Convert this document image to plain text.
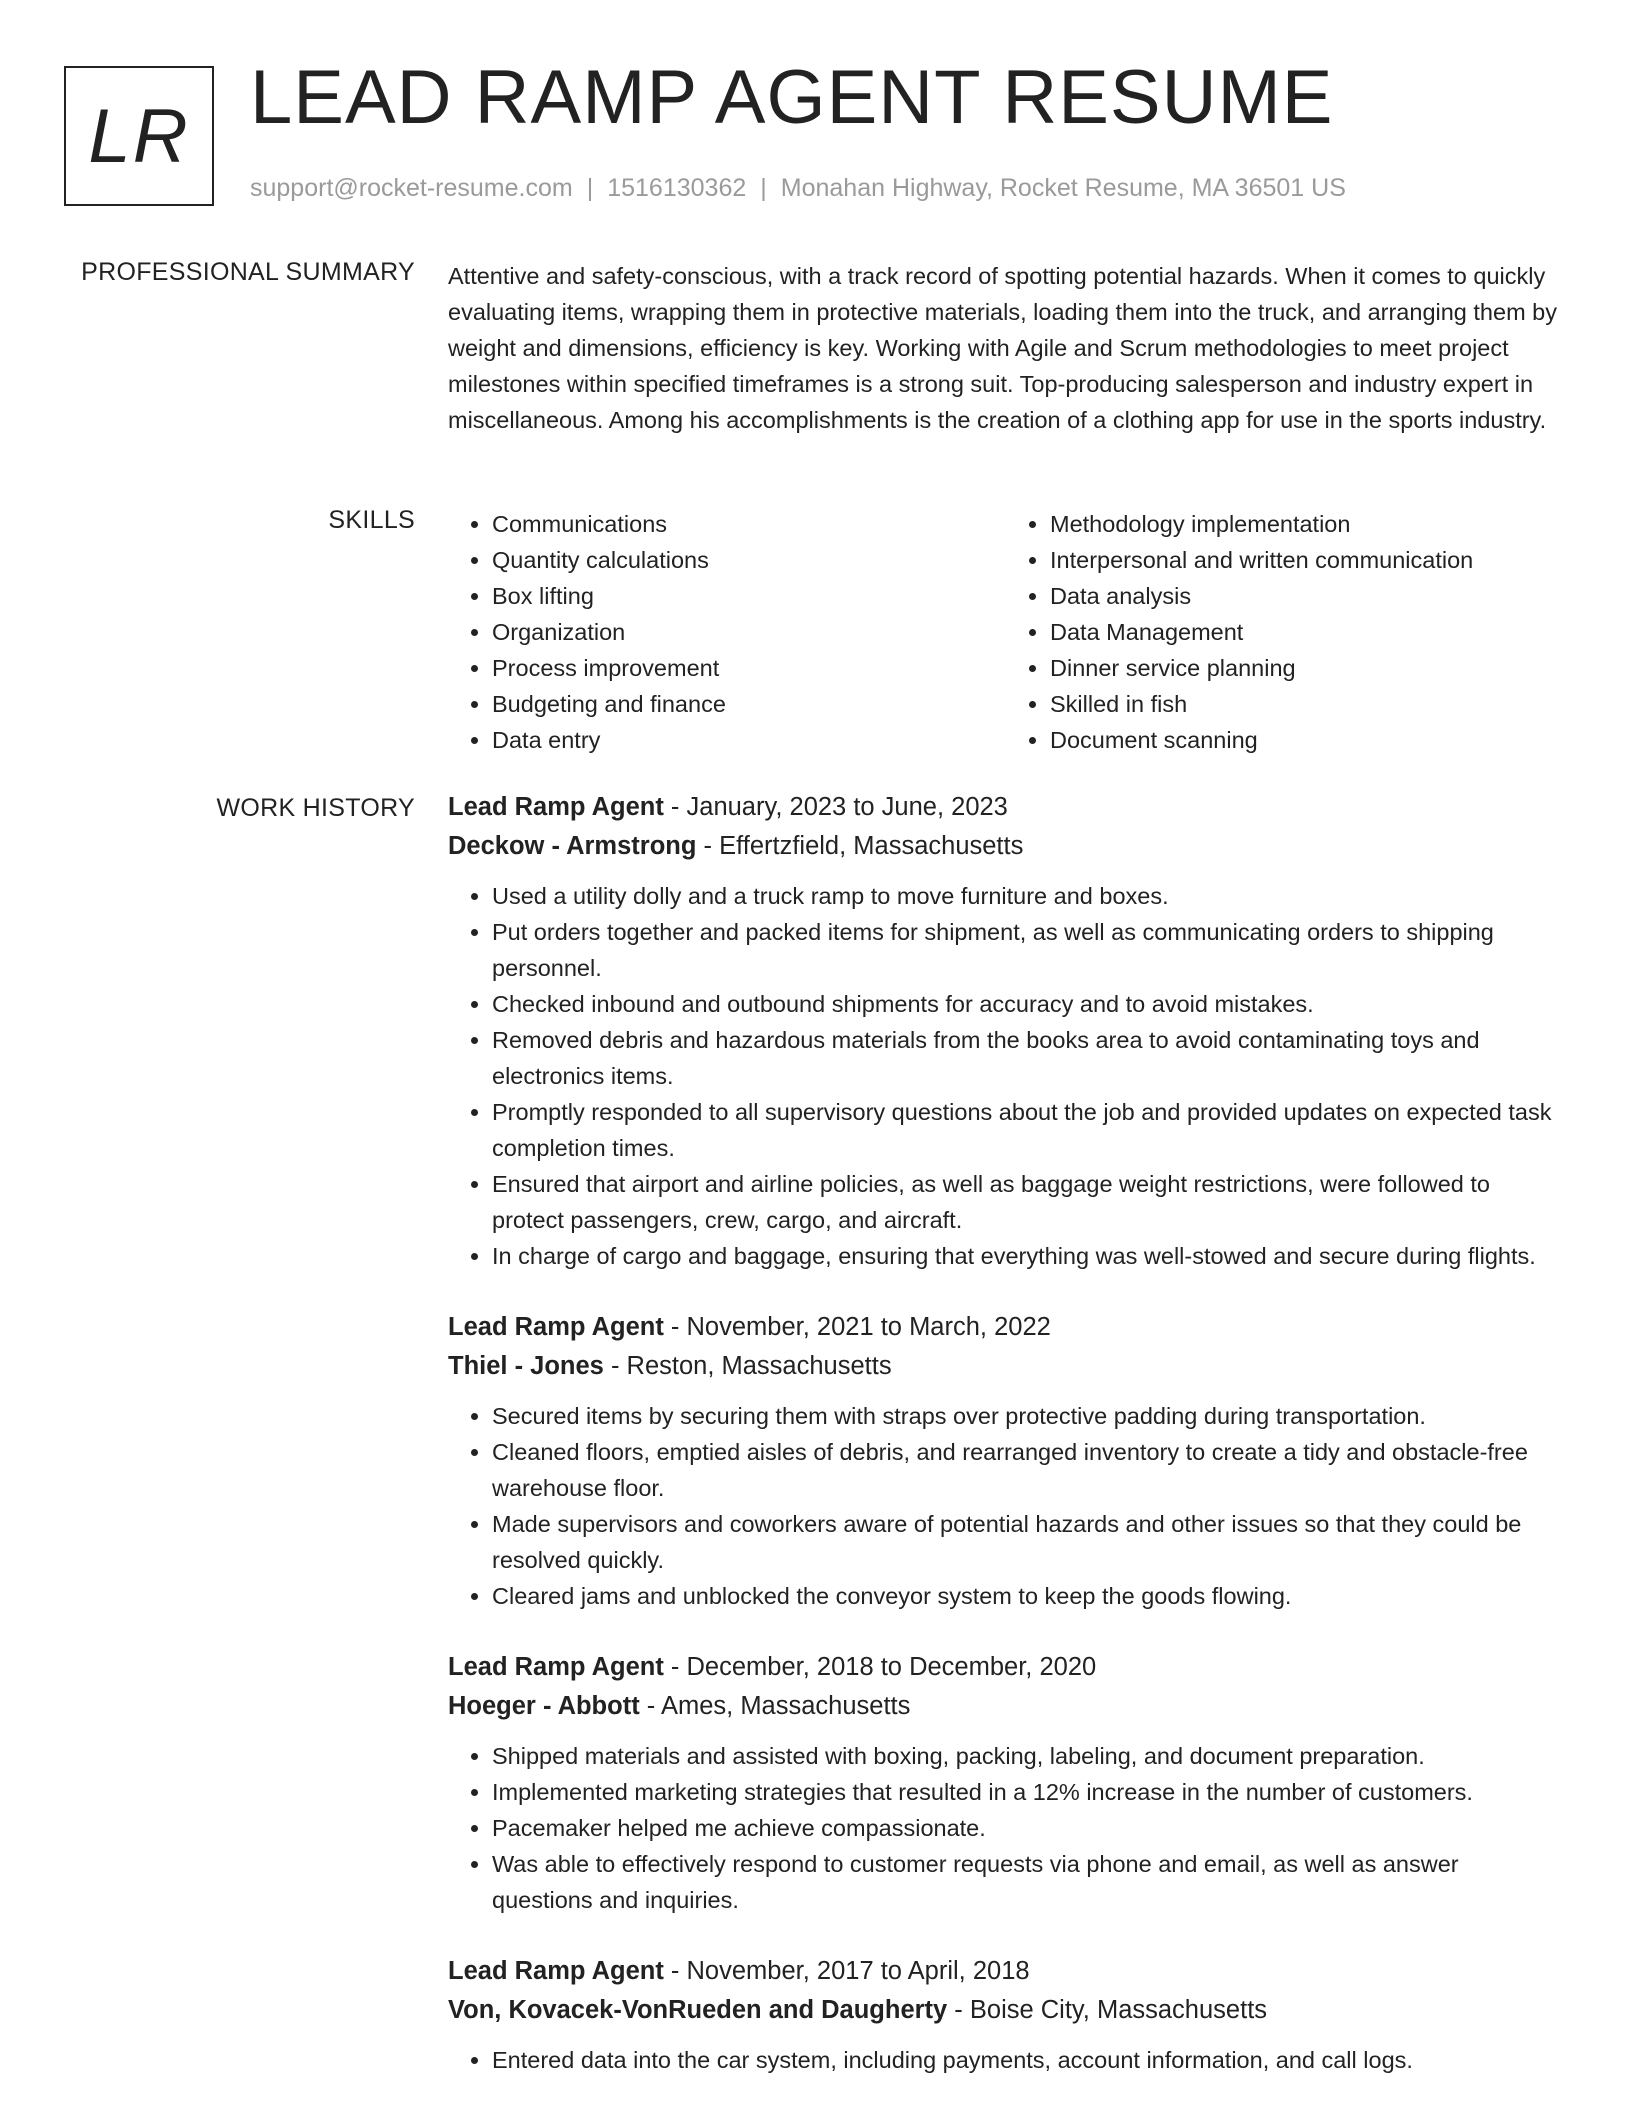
LR LEAD RAMP AGENT RESUME
support@rocket-resume.com | 1516130362 | Monahan Highway, Rocket Resume, MA 36501 US
PROFESSIONAL SUMMARY Attentive and safety-conscious, with a track record of spotting potential hazards. When it comes to quickly evaluating items, wrapping them in protective materials, loading them into the truck, and arranging them by weight and dimensions, efficiency is key. Working with Agile and Scrum methodologies to meet project milestones within specified timeframes is a strong suit. Top-producing salesperson and industry expert in miscellaneous. Among his accomplishments is the creation of a clothing app for use in the sports industry.

SKILLS
•	Communications
• Quantity calculations
• Box lifting
• Organization
• Process improvement
• Budgeting and finance
• Data entry
• Methodology implementation
• Interpersonal and written communication
• Data analysis
• Data Management
• Dinner service planning
• Skilled in fish
• Document scanning
WORK HISTORY Lead Ramp Agent - January, 2023 to June, 2023
Deckow - Armstrong - Effertzfield, Massachusetts
• Used a utility dolly and a truck ramp to move furniture and boxes.
• Put orders together and packed items for shipment, as well as communicating orders to shipping personnel.
• Checked inbound and outbound shipments for accuracy and to avoid mistakes.
• Removed debris and hazardous materials from the books area to avoid contaminating toys and electronics items.
• Promptly responded to all supervisory questions about the job and provided updates on expected task completion times.
• Ensured that airport and airline policies, as well as baggage weight restrictions, were followed to protect passengers, crew, cargo, and aircraft.
• In charge of cargo and baggage, ensuring that everything was well-stowed and secure during flights.
Lead Ramp Agent - November, 2021 to March, 2022
Thiel - Jones - Reston, Massachusetts
• Secured items by securing them with straps over protective padding during transportation.
• Cleaned floors, emptied aisles of debris, and rearranged inventory to create a tidy and obstacle-free warehouse floor.
• Made supervisors and coworkers aware of potential hazards and other issues so that they could be resolved quickly.
• Cleared jams and unblocked the conveyor system to keep the goods flowing.
Lead Ramp Agent - December, 2018 to December, 2020
Hoeger - Abbott - Ames, Massachusetts
• Shipped materials and assisted with boxing, packing, labeling, and document preparation.
• Implemented marketing strategies that resulted in a 12% increase in the number of customers.
• Pacemaker helped me achieve compassionate.
• Was able to effectively respond to customer requests via phone and email, as well as answer questions and inquiries.
Lead Ramp Agent - November, 2017 to April, 2018
Von, Kovacek-VonRueden and Daugherty - Boise City, Massachusetts
• Entered data into the car system, including payments, account information, and call logs.
